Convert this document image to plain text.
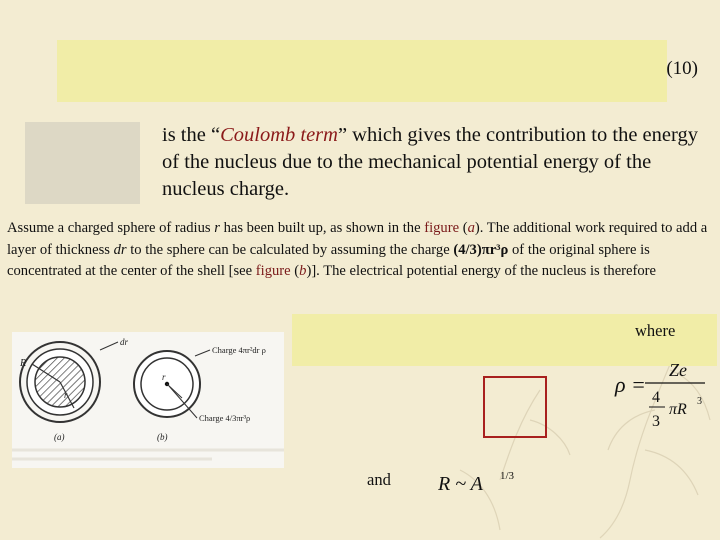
(10)
is the “Coulomb term” which gives the contribution to the energy of the nucleus due to the mechanical potential energy of the nucleus charge.
Assume a charged sphere of radius r has been built up, as shown in the figure (a). The additional work required to add a layer of thickness dr to the sphere can be calculated by assuming the charge (4/3)πr³ρ of the original sphere is concentrated at the center of the shell [see figure (b)]. The electrical potential energy of the nucleus is therefore
where
dr
R
r
(a)
r
Charge 4πr²dr ρ
Charge 4/3πr³ρ
(b)
ρ =
Ze
4
3
πR 3
and R ~ A 1/3
